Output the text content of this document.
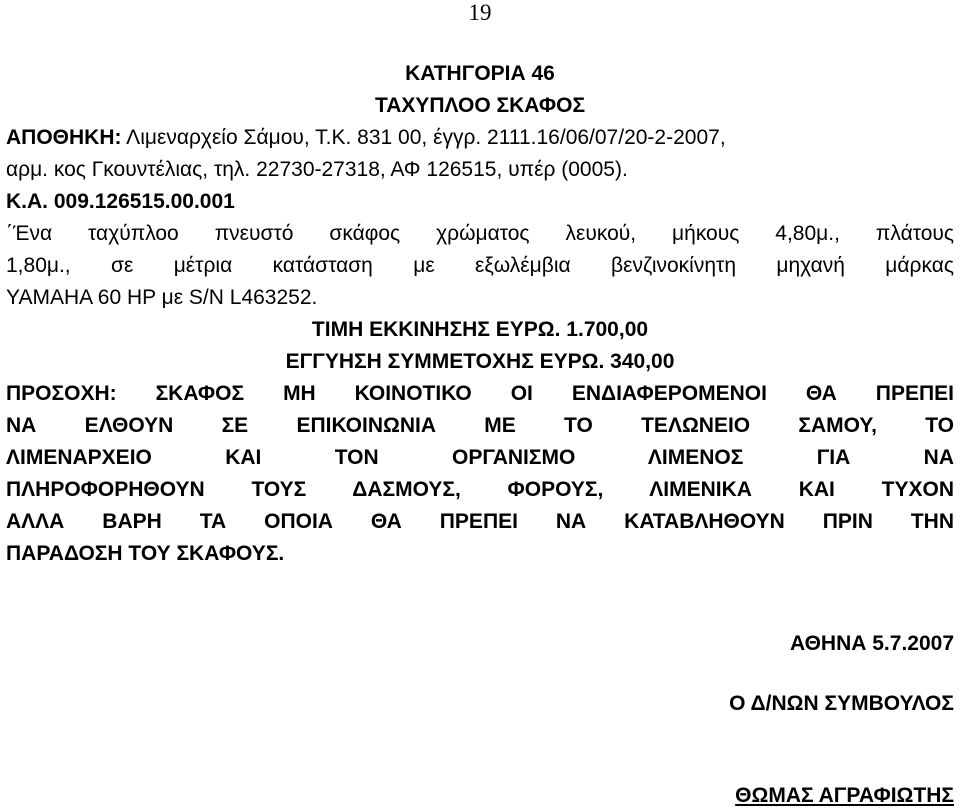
19
ΚΑΤΗΓΟΡΙΑ 46
ΤΑΧΥΠΛΟΟ ΣΚΑΦΟΣ
ΑΠΟΘΗΚΗ: Λιμεναρχείο Σάμου, Τ.Κ. 831 00, έγγρ. 2111.16/06/07/20-2-2007,
αρμ. κος Γκουντέλιας, τηλ. 22730-27318, ΑΦ 126515, υπέρ (0005).
Κ.Α. 009.126515.00.001
΄Ένα ταχύπλοο πνευστό σκάφος χρώματος λευκού, μήκους 4,80μ., πλάτους
1,80μ., σε μέτρια κατάσταση με εξωλέμβια βενζινοκίνητη μηχανή μάρκας
YAMAHA 60 HP με S/N L463252.
ΤΙΜΗ ΕΚΚΙΝΗΣΗΣ ΕΥΡΩ. 1.700,00
ΕΓΓΥΗΣΗ ΣΥΜΜΕΤΟΧΗΣ ΕΥΡΩ. 340,00
ΠΡΟΣΟΧΗ: ΣΚΑΦΟΣ ΜΗ ΚΟΙΝΟΤΙΚΟ ΟΙ ΕΝΔΙΑΦΕΡΟΜΕΝΟΙ ΘΑ ΠΡΕΠΕΙ
ΝΑ ΕΛΘΟΥΝ ΣΕ ΕΠΙΚΟΙΝΩΝΙΑ ΜΕ ΤΟ ΤΕΛΩΝΕΙΟ ΣΑΜΟΥ, ΤΟ
ΛΙΜΕΝΑΡΧΕΙΟ ΚΑΙ ΤΟΝ ΟΡΓΑΝΙΣΜΟ ΛΙΜΕΝΟΣ ΓΙΑ ΝΑ
ΠΛΗΡΟΦΟΡΗΘΟΥΝ ΤΟΥΣ ΔΑΣΜΟΥΣ, ΦΟΡΟΥΣ, ΛΙΜΕΝΙΚΑ ΚΑΙ ΤΥΧΟΝ
ΑΛΛΑ ΒΑΡΗ ΤΑ ΟΠΟΙΑ ΘΑ ΠΡΕΠΕΙ ΝΑ ΚΑΤΑΒΛΗΘΟΥΝ ΠΡΙΝ ΤΗΝ
ΠΑΡΑΔΟΣΗ ΤΟΥ ΣΚΑΦΟΥΣ.
ΑΘΗΝΑ 5.7.2007
Ο Δ/ΝΩΝ ΣΥΜΒΟΥΛΟΣ
ΘΩΜΑΣ ΑΓΡΑΦΙΩΤΗΣ
